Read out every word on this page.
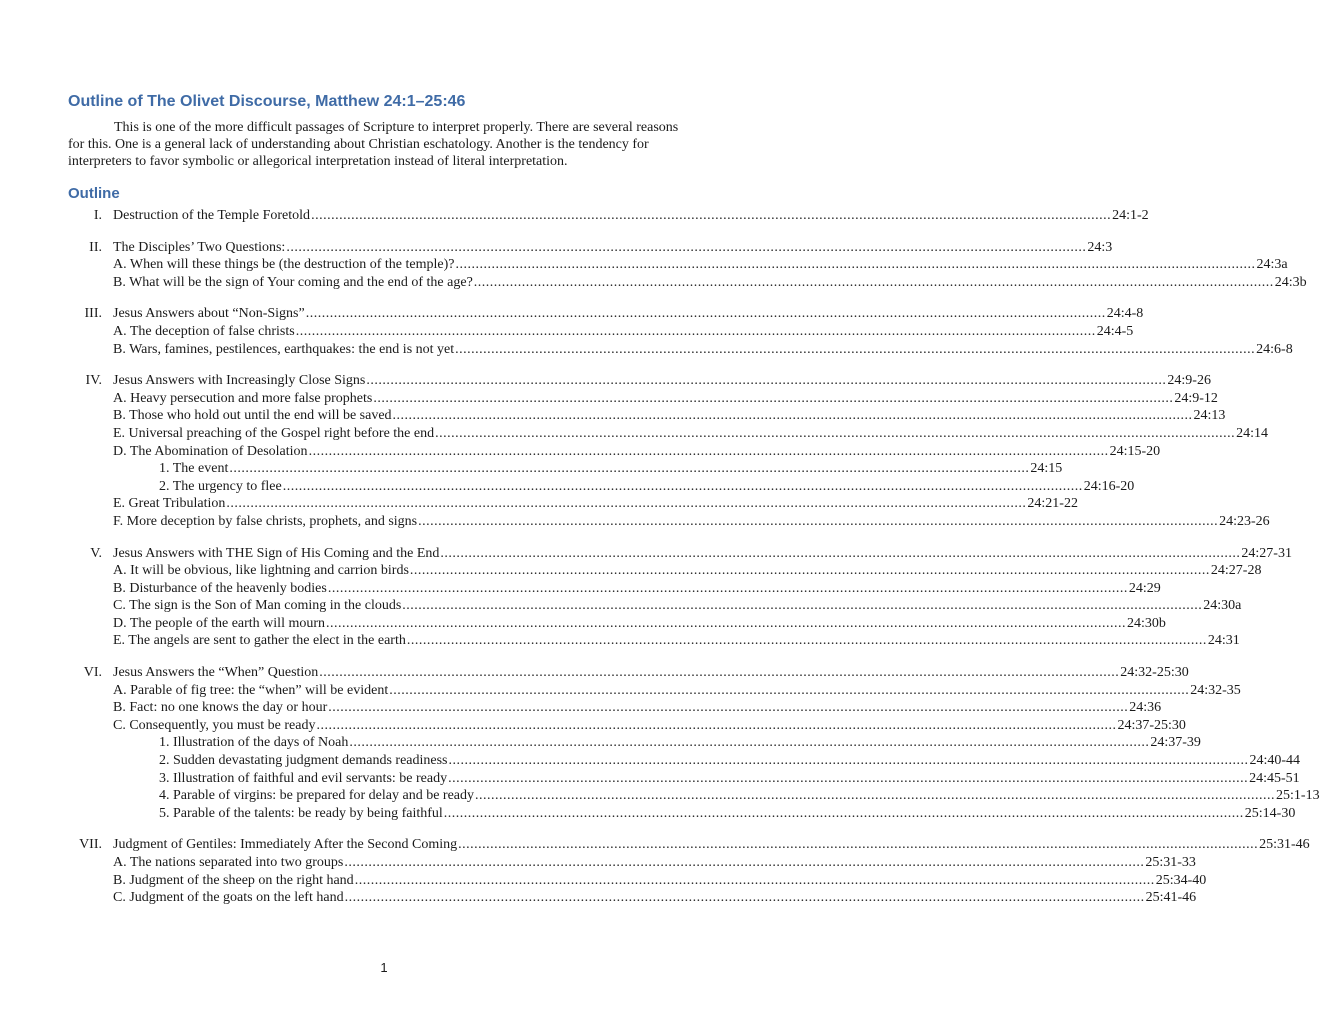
Outline of The Olivet Discourse, Matthew 24:1–25:46
This is one of the more difficult passages of Scripture to interpret properly. There are several reasons for this. One is a general lack of understanding about Christian eschatology. Another is the tendency for interpreters to favor symbolic or allegorical interpretation instead of literal interpretation.
Outline
I. Destruction of the Temple Foretold ........................................................................................................................................................................................................ 24:1-2
II. The Disciples’ Two Questions: ........................................................................................................................................................................................................ 24:3
A. When will these things be (the destruction of the temple)? ........................................................................................................................................................................................................ 24:3a
B. What will be the sign of Your coming and the end of the age? ........................................................................................................................................................................................................ 24:3b
III. Jesus Answers about “Non-Signs” ........................................................................................................................................................................................................ 24:4-8
A. The deception of false christs ........................................................................................................................................................................................................ 24:4-5
B. Wars, famines, pestilences, earthquakes: the end is not yet ........................................................................................................................................................................................................ 24:6-8
IV. Jesus Answers with Increasingly Close Signs ........................................................................................................................................................................................................ 24:9-26
A. Heavy persecution and more false prophets ........................................................................................................................................................................................................ 24:9-12
B. Those who hold out until the end will be saved ........................................................................................................................................................................................................ 24:13
E. Universal preaching of the Gospel right before the end ........................................................................................................................................................................................................ 24:14
D. The Abomination of Desolation ........................................................................................................................................................................................................ 24:15-20
1. The event ........................................................................................................................................................................................................ 24:15
2. The urgency to flee ........................................................................................................................................................................................................ 24:16-20
E. Great Tribulation ........................................................................................................................................................................................................ 24:21-22
F. More deception by false christs, prophets, and signs ........................................................................................................................................................................................................ 24:23-26
V. Jesus Answers with THE Sign of His Coming and the End ........................................................................................................................................................................................................ 24:27-31
A. It will be obvious, like lightning and carrion birds ........................................................................................................................................................................................................ 24:27-28
B. Disturbance of the heavenly bodies ........................................................................................................................................................................................................ 24:29
C. The sign is the Son of Man coming in the clouds ........................................................................................................................................................................................................ 24:30a
D. The people of the earth will mourn ........................................................................................................................................................................................................ 24:30b
E. The angels are sent to gather the elect in the earth ........................................................................................................................................................................................................ 24:31
VI. Jesus Answers the “When” Question ........................................................................................................................................................................................................ 24:32-25:30
A. Parable of fig tree: the “when” will be evident ........................................................................................................................................................................................................ 24:32-35
B. Fact: no one knows the day or hour ........................................................................................................................................................................................................ 24:36
C. Consequently, you must be ready ........................................................................................................................................................................................................ 24:37-25:30
1. Illustration of the days of Noah ........................................................................................................................................................................................................ 24:37-39
2. Sudden devastating judgment demands readiness ........................................................................................................................................................................................................ 24:40-44
3. Illustration of faithful and evil servants: be ready ........................................................................................................................................................................................................ 24:45-51
4. Parable of virgins: be prepared for delay and be ready ........................................................................................................................................................................................................ 25:1-13
5. Parable of the talents: be ready by being faithful ........................................................................................................................................................................................................ 25:14-30
VII. Judgment of Gentiles: Immediately After the Second Coming ........................................................................................................................................................................................................ 25:31-46
A. The nations separated into two groups ........................................................................................................................................................................................................ 25:31-33
B. Judgment of the sheep on the right hand ........................................................................................................................................................................................................ 25:34-40
C. Judgment of the goats on the left hand ........................................................................................................................................................................................................ 25:41-46
1
